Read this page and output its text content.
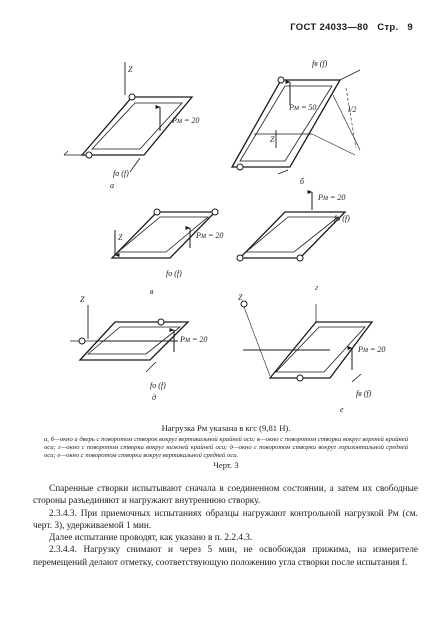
ГОСТ 24033—80 Стр. 9
Z
Pм = 20
fо (f)
а
fв (f)
Pм = 50	l/2
Z
б
Z	Pм = 20
fо (f)
в
Pм = 20
fо (f)
г
Z
Pм = 20
fо (f)
д
Z
Pм = 20
fв (f)
е
Нагрузка Pм указана в кгс (9,81 Н).
а, б—окно и дверь с поворотом створок вокруг вертикальной крайней оси; в—окно с поворотом створки вокруг верхней крайней оси; г—окно с поворотом створки вокруг нижней крайней оси; д—окно с поворотом створки вокруг горизонтальной средней оси; е—окно с поворотом створки вокруг вертикальной средней оси.
Черт. 3

Спаренные створки испытывают сначала в соединенном состоянии, а затем их свободные стороны разъединяют и нагружают внутреннюю створку.

2.3.4.3. При приемочных испытаниях образцы нагружают контрольной нагрузкой Pм (см. черт. 3), удерживаемой 1 мин.

Далее испытание проводят, как указано в п. 2.2.4.3.

2.3.4.4. Нагрузку снимают и через 5 мин, не освобождая прижима, на измерителе перемещений делают отметку, соответствующую положению угла створки после испытания f.
